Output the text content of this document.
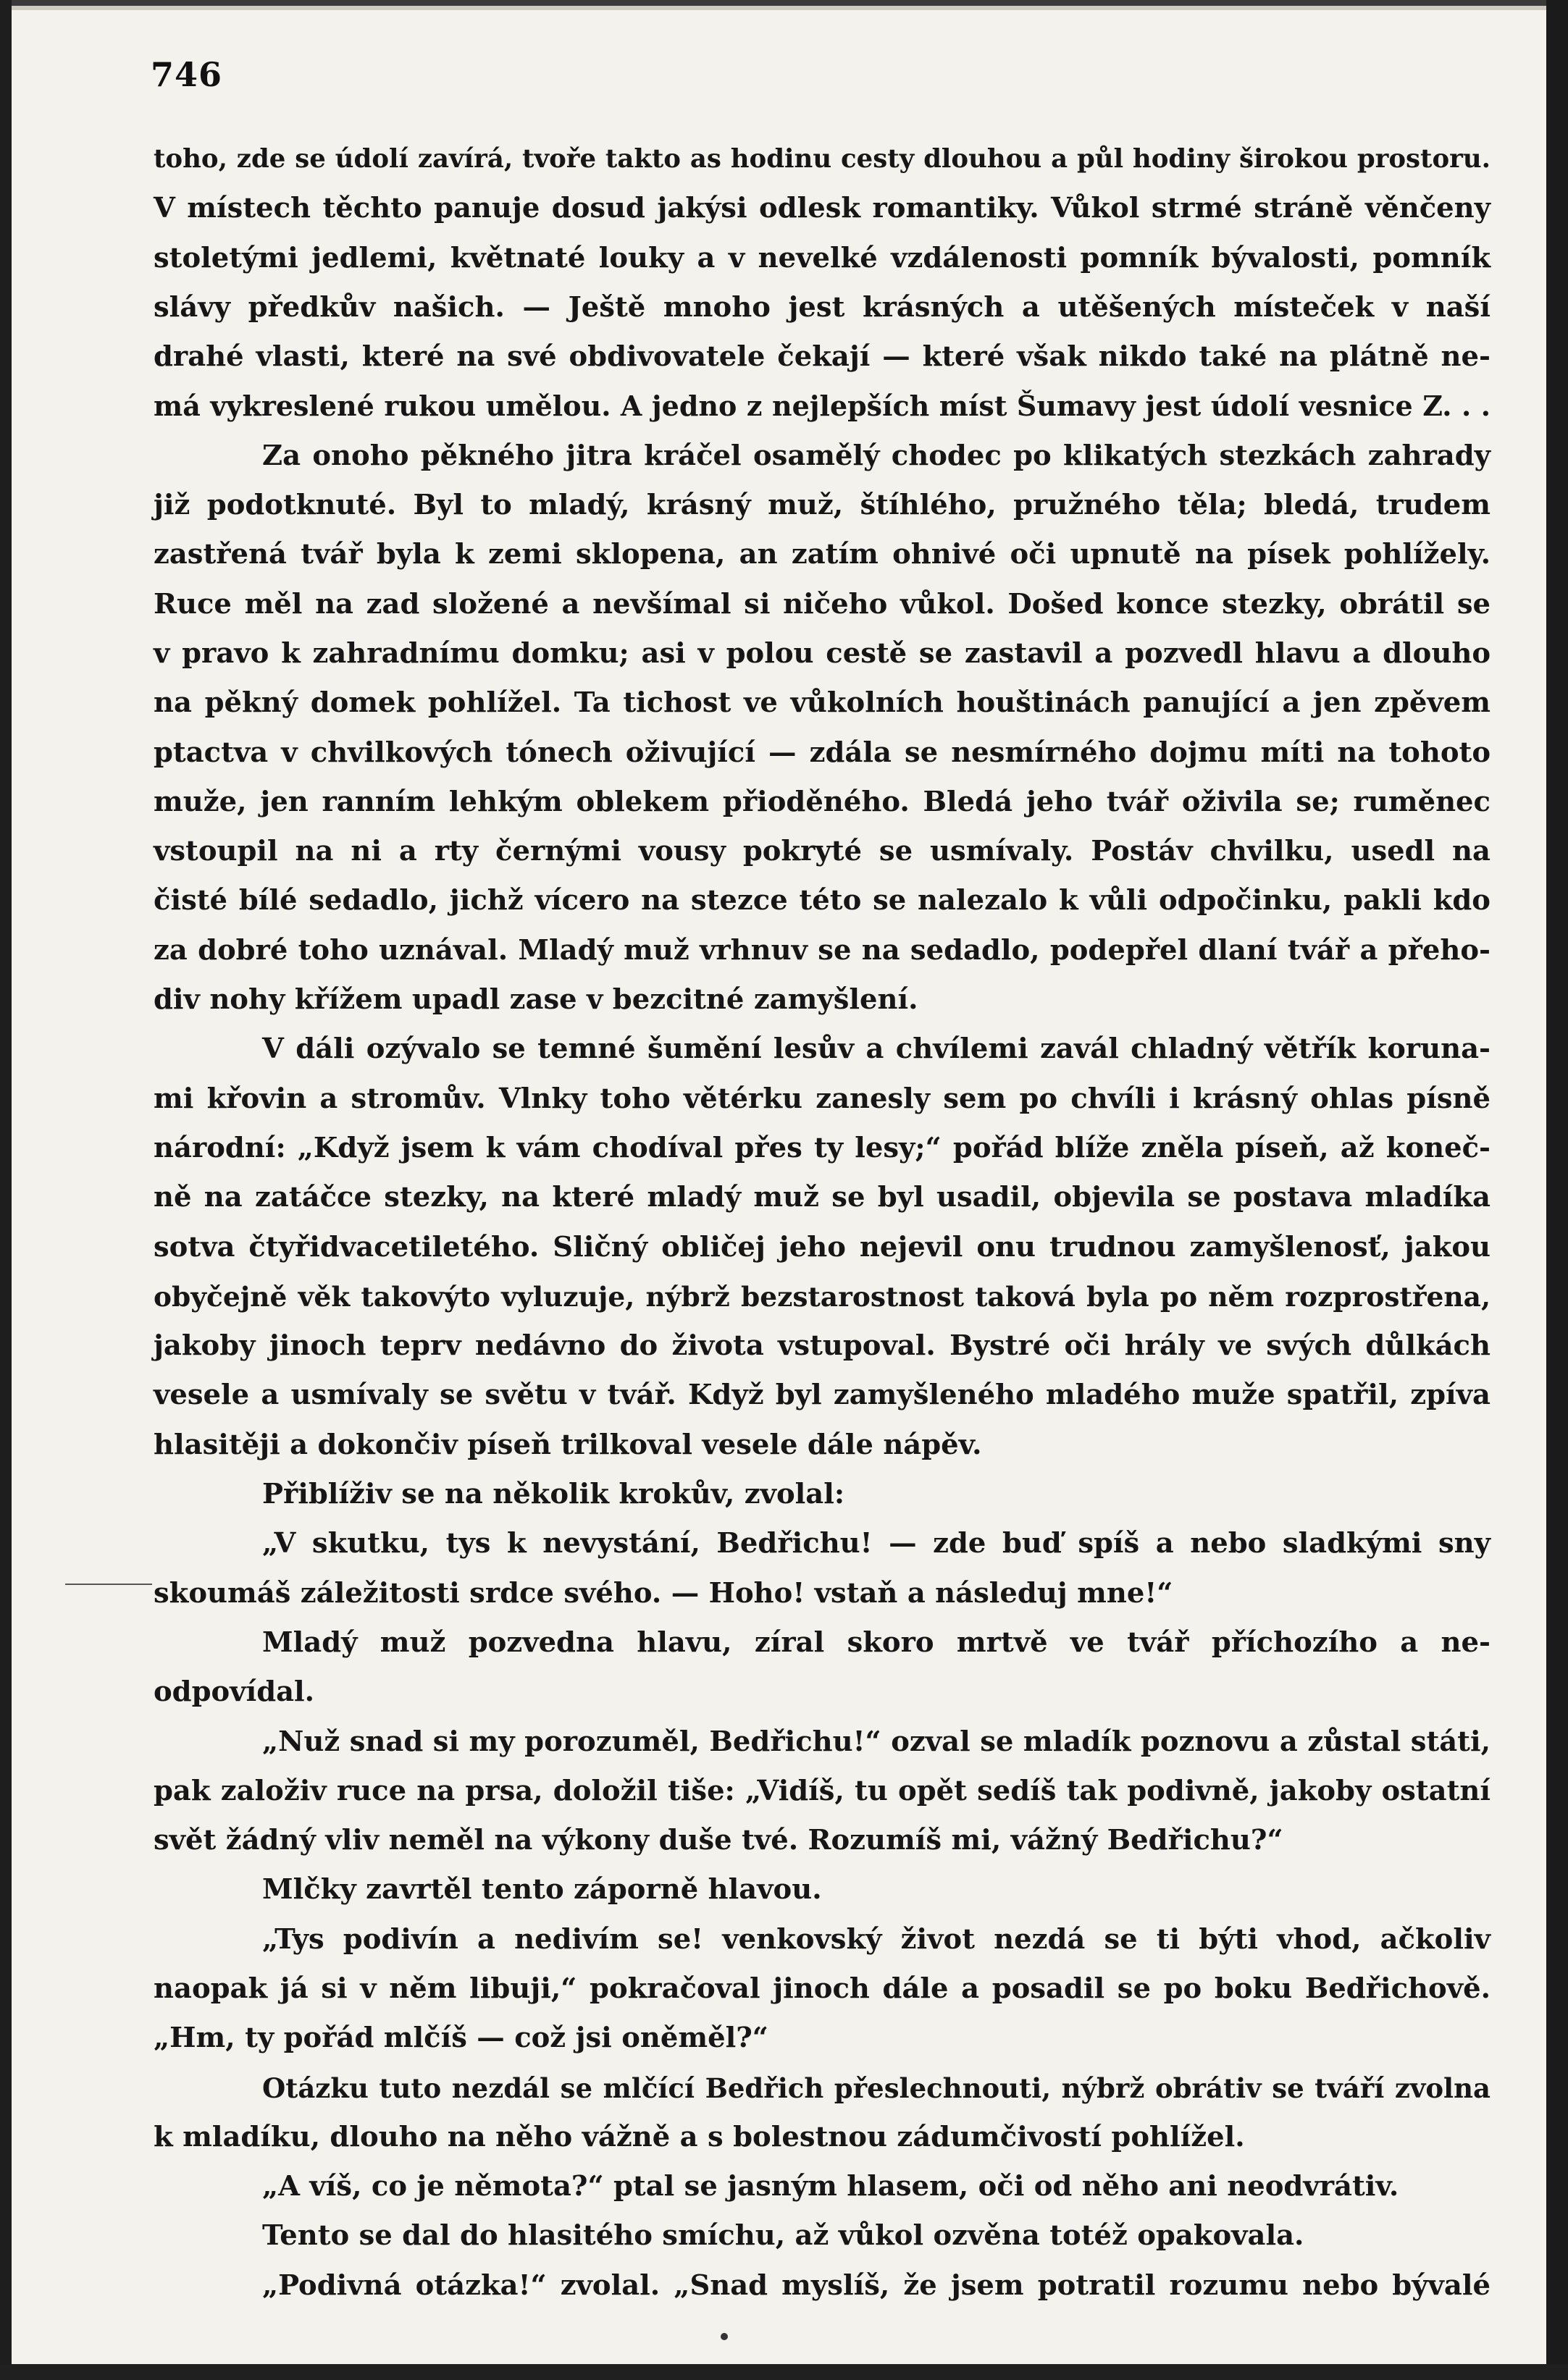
746
toho, zde se údolí zavírá, tvoře takto as hodinu cesty dlouhou a půl hodiny širokou prostoru.
V místech těchto panuje dosud jakýsi odlesk romantiky. Vůkol strmé stráně věnčeny
stoletými jedlemi, květnaté louky a v nevelké vzdálenosti pomník bývalosti, pomník
slávy předkův našich. — Ještě mnoho jest krásných a utěšených místeček v naší
drahé vlasti, které na své obdivovatele čekají — které však nikdo také na plátně ne-
má vykreslené rukou umělou. A jedno z nejlepších míst Šumavy jest údolí vesnice Z. . .
Za onoho pěkného jitra kráčel osamělý chodec po klikatých stezkách zahrady
již podotknuté. Byl to mladý, krásný muž, štíhlého, pružného těla; bledá, trudem
zastřená tvář byla k zemi sklopena, an zatím ohnivé oči upnutě na písek pohlížely.
Ruce měl na zad složené a nevšímal si ničeho vůkol. Došed konce stezky, obrátil se
v pravo k zahradnímu domku; asi v polou cestě se zastavil a pozvedl hlavu a dlouho
na pěkný domek pohlížel. Ta tichost ve vůkolních houštinách panující a jen zpěvem
ptactva v chvilkových tónech oživující — zdála se nesmírného dojmu míti na tohoto
muže, jen ranním lehkým oblekem přioděného. Bledá jeho tvář oživila se; ruměnec
vstoupil na ni a rty černými vousy pokryté se usmívaly. Postáv chvilku, usedl na
čisté bílé sedadlo, jichž vícero na stezce této se nalezalo k vůli odpočinku, pakli kdo
za dobré toho uznával. Mladý muž vrhnuv se na sedadlo, podepřel dlaní tvář a přeho-
div nohy křížem upadl zase v bezcitné zamyšlení.
V dáli ozývalo se temné šumění lesův a chvílemi zavál chladný větřík koruna-
mi křovin a stromův. Vlnky toho větérku zanesly sem po chvíli i krásný ohlas písně
národní: „Když jsem k vám chodíval přes ty lesy;“ pořád blíže zněla píseň, až koneč-
ně na zatáčce stezky, na které mladý muž se byl usadil, objevila se postava mladíka
sotva čtyřidvacetiletého. Sličný obličej jeho nejevil onu trudnou zamyšlenosť, jakou
obyčejně věk takovýto vyluzuje, nýbrž bezstarostnost taková byla po něm rozprostřena,
jakoby jinoch teprv nedávno do života vstupoval. Bystré oči hrály ve svých důlkách
vesele a usmívaly se světu v tvář. Když byl zamyšleného mladého muže spatřil, zpíva
hlasitěji a dokončiv píseň trilkoval vesele dále nápěv.
Přiblíživ se na několik krokův, zvolal:
„V skutku, tys k nevystání, Bedřichu! — zde buď spíš a nebo sladkými sny
skoumáš záležitosti srdce svého. — Hoho! vstaň a následuj mne!“
Mladý muž pozvedna hlavu, zíral skoro mrtvě ve tvář příchozího a ne-
odpovídal.
„Nuž snad si my porozuměl, Bedřichu!“ ozval se mladík poznovu a zůstal státi,
pak založiv ruce na prsa, doložil tiše: „Vidíš, tu opět sedíš tak podivně, jakoby ostatní
svět žádný vliv neměl na výkony duše tvé. Rozumíš mi, vážný Bedřichu?“
Mlčky zavrtěl tento záporně hlavou.
„Tys podivín a nedivím se! venkovský život nezdá se ti býti vhod, ačkoliv
naopak já si v něm libuji,“ pokračoval jinoch dále a posadil se po boku Bedřichově.
„Hm, ty pořád mlčíš — což jsi oněměl?“
Otázku tuto nezdál se mlčící Bedřich přeslechnouti, nýbrž obrátiv se tváří zvolna
k mladíku, dlouho na něho vážně a s bolestnou zádumčivostí pohlížel.
„A víš, co je němota?“ ptal se jasným hlasem, oči od něho ani neodvrátiv.
Tento se dal do hlasitého smíchu, až vůkol ozvěna totéž opakovala.
„Podivná otázka!“ zvolal. „Snad myslíš, že jsem potratil rozumu nebo bývalé
